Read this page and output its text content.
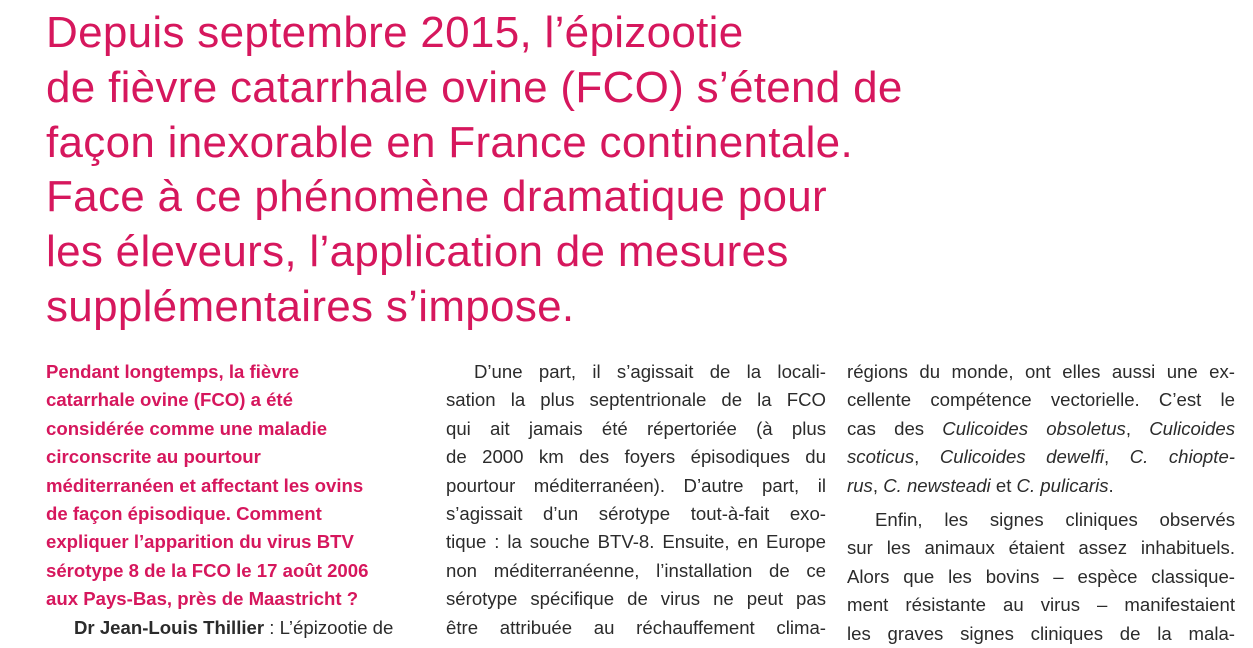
Depuis septembre 2015, l’épizootie
de fièvre catarrhale ovine (FCO) s’étend de
façon inexorable en France continentale.
Face à ce phénomène dramatique pour
les éleveurs, l’application de mesures
supplémentaires s’impose.
Pendant longtemps, la fièvre
catarrhale ovine (FCO) a été
considérée comme une maladie
circonscrite au pourtour
méditerranéen et affectant les ovins
de façon épisodique. Comment
expliquer l’apparition du virus BTV
sérotype 8 de la FCO le 17 août 2006
aux Pays-Bas, près de Maastricht ?
Dr Jean-Louis Thillier : L’épizootie de
D’une part, il s’agissait de la locali-
sation la plus septentrionale de la FCO
qui ait jamais été répertoriée (à plus
de 2000 km des foyers épisodiques du
pourtour méditerranéen). D’autre part, il
s’agissait d’un sérotype tout-à-fait exo-
tique : la souche BTV-8. Ensuite, en Europe
non méditerranéenne, l’installation de ce
sérotype spécifique de virus ne peut pas
être attribuée au réchauffement clima-
régions du monde, ont elles aussi une ex-
cellente compétence vectorielle. C’est le
cas des Culicoides obsoletus, Culicoides
scoticus, Culicoides dewelfi, C. chiopte-
rus, C. newsteadi et C. pulicaris.
Enfin, les signes cliniques observés
sur les animaux étaient assez inhabituels.
Alors que les bovins – espèce classique-
ment résistante au virus – manifestaient
les graves signes cliniques de la mala-
